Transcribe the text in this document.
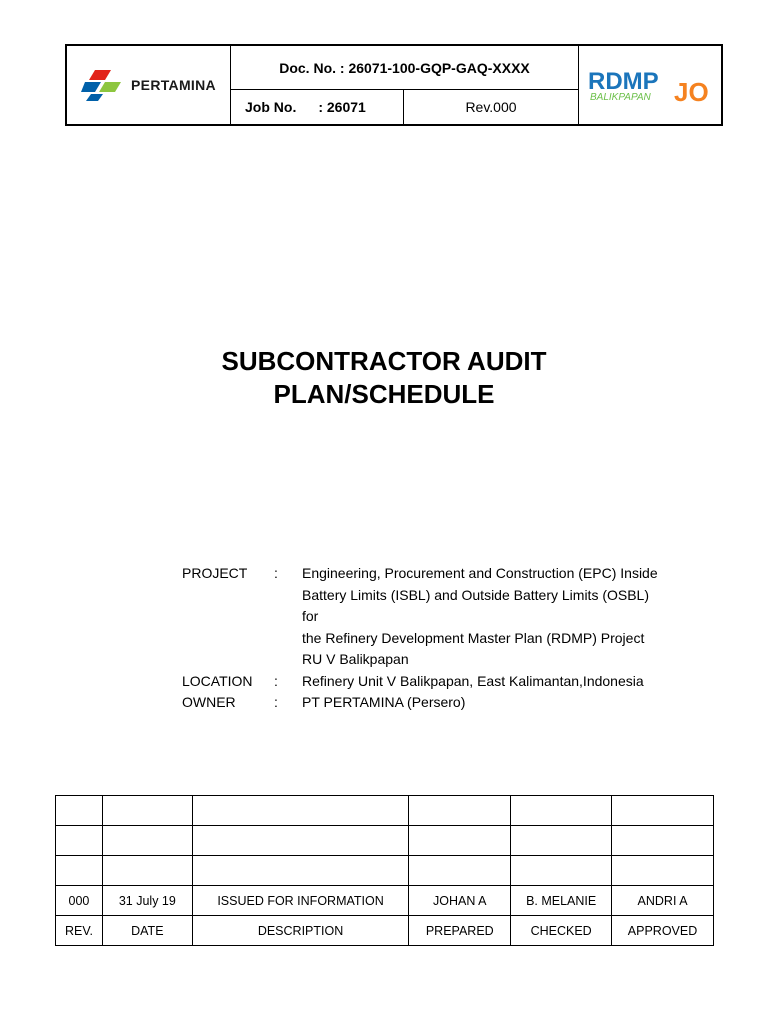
PERTAMINA
Doc. No. : 26071-100-GQP-GAQ-XXXX
Job No. : 26071	Rev.000
RDMP
BALIKPAPAN JO
SUBCONTRACTOR AUDIT
PLAN/SCHEDULE
PROJECT	:	Engineering, Procurement and Construction (EPC) Inside
Battery Limits (ISBL) and Outside Battery Limits (OSBL) for
the Refinery Development Master Plan (RDMP) Project
RU V Balikpapan
LOCATION	:	Refinery Unit V Balikpapan, East Kalimantan,Indonesia
OWNER	:	PT PERTAMINA (Persero)

000	31 July 19	ISSUED FOR INFORMATION	JOHAN A	B. MELANIE	ANDRI A
REV.	DATE	DESCRIPTION	PREPARED	CHECKED	APPROVED
